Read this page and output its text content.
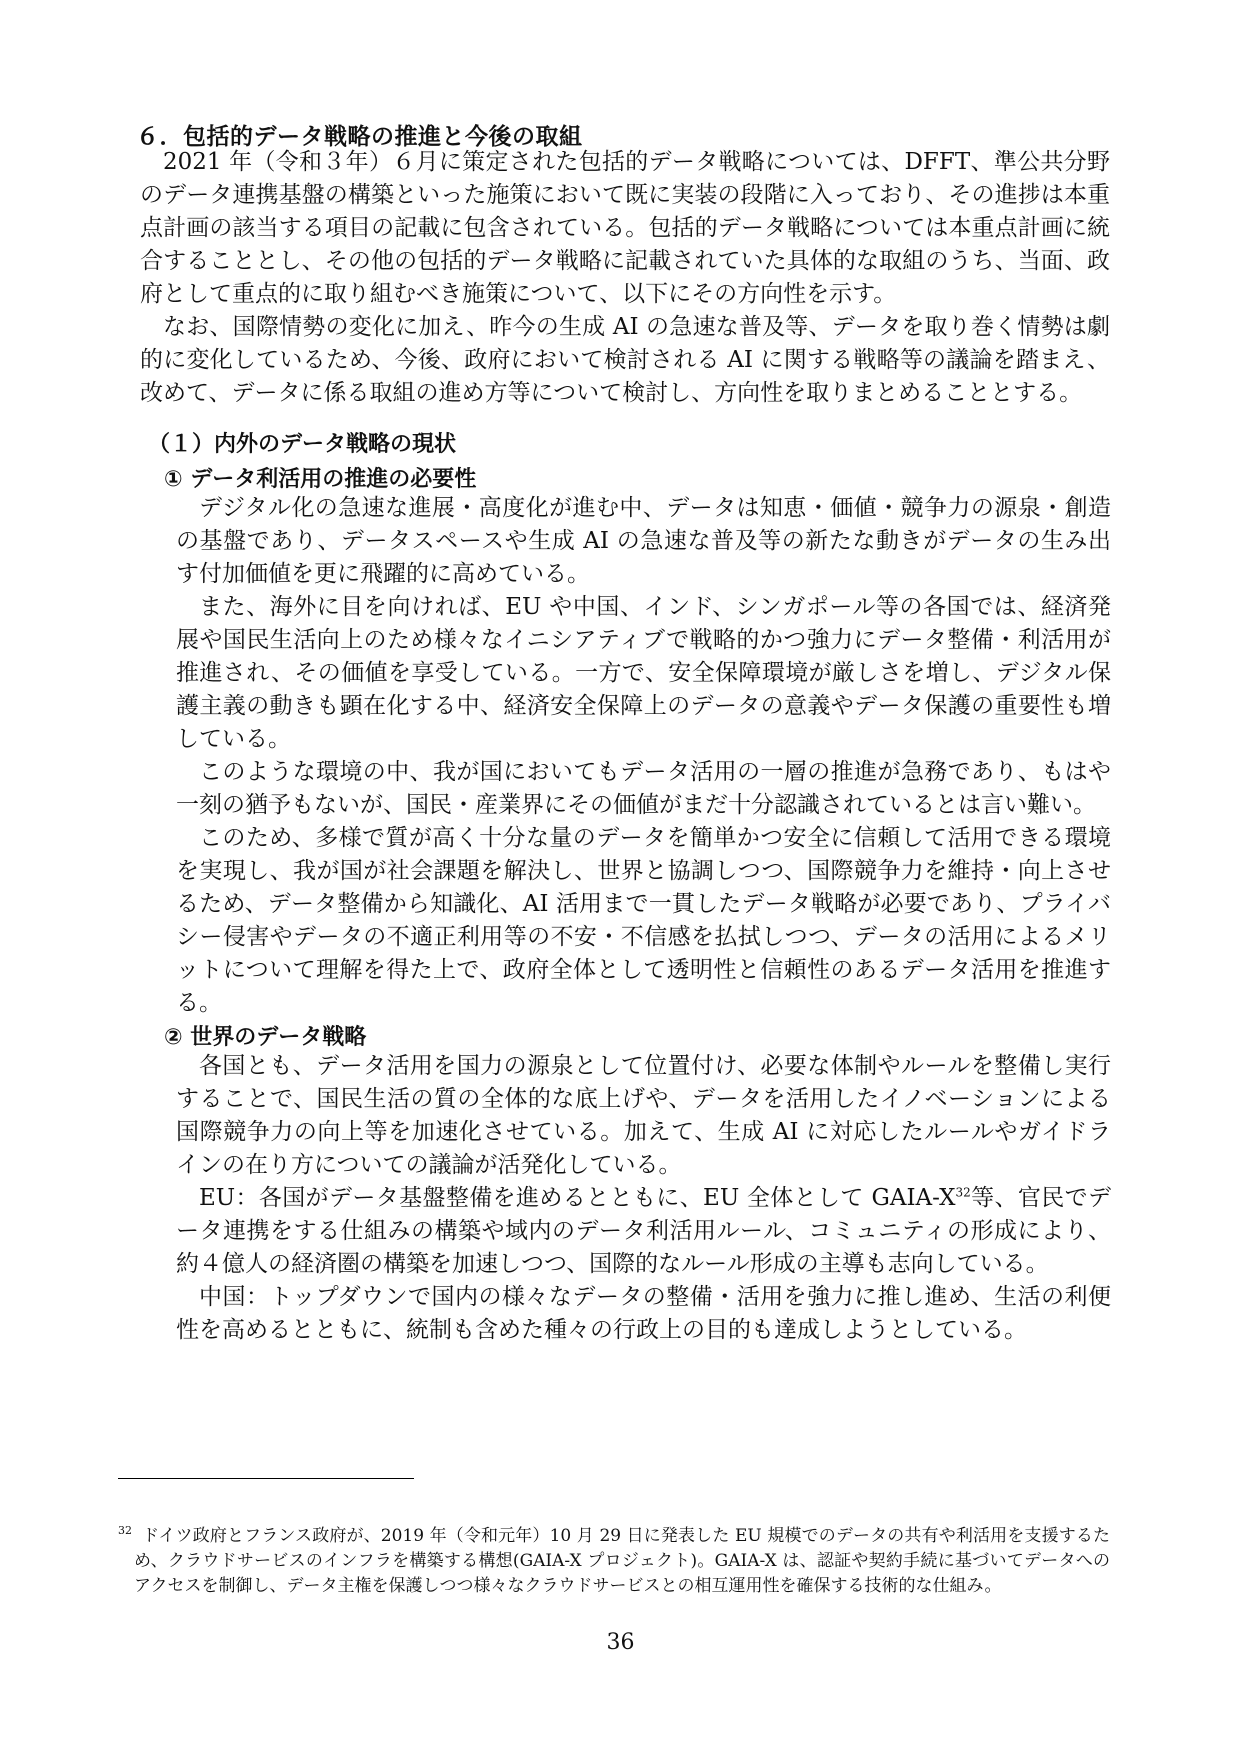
６．包括的データ戦略の推進と今後の取組
2021 年（令和３年）６月に策定された包括的データ戦略については、DFFT、準公共分野のデータ連携基盤の構築といった施策において既に実装の段階に入っており、その進捗は本重点計画の該当する項目の記載に包含されている。包括的データ戦略については本重点計画に統合することとし、その他の包括的データ戦略に記載されていた具体的な取組のうち、当面、政府として重点的に取り組むべき施策について、以下にその方向性を示す。
なお、国際情勢の変化に加え、昨今の生成 AI の急速な普及等、データを取り巻く情勢は劇的に変化しているため、今後、政府において検討される AI に関する戦略等の議論を踏まえ、改めて、データに係る取組の進め方等について検討し、方向性を取りまとめることとする。
（１）内外のデータ戦略の現状
① データ利活用の推進の必要性
デジタル化の急速な進展・高度化が進む中、データは知恵・価値・競争力の源泉・創造の基盤であり、データスペースや生成 AI の急速な普及等の新たな動きがデータの生み出す付加価値を更に飛躍的に高めている。
また、海外に目を向ければ、EU や中国、インド、シンガポール等の各国では、経済発展や国民生活向上のため様々なイニシアティブで戦略的かつ強力にデータ整備・利活用が推進され、その価値を享受している。一方で、安全保障環境が厳しさを増し、デジタル保護主義の動きも顕在化する中、経済安全保障上のデータの意義やデータ保護の重要性も増している。
このような環境の中、我が国においてもデータ活用の一層の推進が急務であり、もはや一刻の猶予もないが、国民・産業界にその価値がまだ十分認識されているとは言い難い。
このため、多様で質が高く十分な量のデータを簡単かつ安全に信頼して活用できる環境を実現し、我が国が社会課題を解決し、世界と協調しつつ、国際競争力を維持・向上させるため、データ整備から知識化、AI 活用まで一貫したデータ戦略が必要であり、プライバシー侵害やデータの不適正利用等の不安・不信感を払拭しつつ、データの活用によるメリットについて理解を得た上で、政府全体として透明性と信頼性のあるデータ活用を推進する。
② 世界のデータ戦略
各国とも、データ活用を国力の源泉として位置付け、必要な体制やルールを整備し実行することで、国民生活の質の全体的な底上げや、データを活用したイノベーションによる国際競争力の向上等を加速化させている。加えて、生成 AI に対応したルールやガイドラインの在り方についての議論が活発化している。
EU：各国がデータ基盤整備を進めるとともに、EU 全体として GAIA-$X^{32}$等、官民でデータ連携をする仕組みの構築や域内のデータ利活用ルール、コミュニティの形成により、約４億人の経済圏の構築を加速しつつ、国際的なルール形成の主導も志向している。
中国：トップダウンで国内の様々なデータの整備・活用を強力に推し進め、生活の利便性を高めるとともに、統制も含めた種々の行政上の目的も達成しようとしている。
$^{32}$ ドイツ政府とフランス政府が、2019 年（令和元年）10 月 29 日に発表した EU 規模でのデータの共有や利活用を支援するため、クラウドサービスのインフラを構築する構想(GAIA-X プロジェクト)。GAIA-X は、認証や契約手続に基づいてデータへのアクセスを制御し、データ主権を保護しつつ様々なクラウドサービスとの相互運用性を確保する技術的な仕組み。
36
